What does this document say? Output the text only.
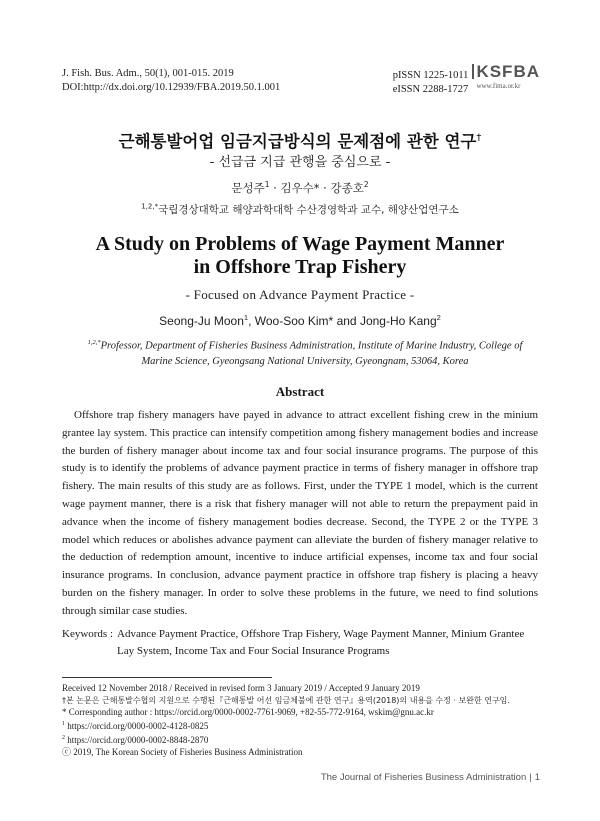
J. Fish. Bus. Adm., 50(1), 001-015. 2019
DOI:http://dx.doi.org/10.12939/FBA.2019.50.1.001
pISSN 1225-1011
eISSN 2288-1727
KSFBA
www.fima.or.kr
근해통발어업 임금지급방식의 문제점에 관한 연구†
- 선급금 지급 관행을 중심으로 -
문성주$^1$ · 김우수* · 강종호$^2$
$^{1,2,*}$국립경상대학교 해양과학대학 수산경영학과 교수, 해양산업연구소
A Study on Problems of Wage Payment Manner
in Offshore Trap Fishery
- Focused on Advance Payment Practice -
Seong-Ju Moon$^1$, Woo-Soo Kim* and Jong-Ho Kang$^2$
$^{1,2,*}$Professor, Department of Fisheries Business Administration, Institute of Marine Industry, College of Marine Science, Gyeongsang National University, Gyeongnam, 53064, Korea
Abstract
Offshore trap fishery managers have payed in advance to attract excellent fishing crew in the minium grantee lay system. This practice can intensify competition among fishery management bodies and increase the burden of fishery manager about income tax and four social insurance programs. The purpose of this study is to identify the problems of advance payment practice in terms of fishery manager in offshore trap fishery. The main results of this study are as follows. First, under the TYPE 1 model, which is the current wage payment manner, there is a risk that fishery manager will not able to return the prepayment paid in advance when the income of fishery management bodies decrease. Second, the TYPE 2 or the TYPE 3 model which reduces or abolishes advance payment can alleviate the burden of fishery manager relative to the deduction of redemption amount, incentive to induce artificial expenses, income tax and four social insurance programs. In conclusion, advance payment practice in offshore trap fishery is placing a heavy burden on the fishery manager. In order to solve these problems in the future, we need to find solutions through similar case studies.
Keywords : Advance Payment Practice, Offshore Trap Fishery, Wage Payment Manner, Minium Grantee Lay System, Income Tax and Four Social Insurance Programs
Received 12 November 2018 / Received in revised form 3 January 2019 / Accepted 9 January 2019
†본 논문은 근해통발수협의 지원으로 수행된『근해통발 어선 임금체불에 관한 연구』용역(2018)의 내용을 수정 · 보완한 연구임.
* Corresponding author : https://orcid.org/0000-0002-7761-9069, +82-55-772-9164, wskim@gnu.ac.kr
$^1$ https://orcid.org/0000-0002-4128-0825
$^2$ https://orcid.org/0000-0002-8848-2870
ⓒ 2019, The Korean Society of Fisheries Business Administration
The Journal of Fisheries Business Administration | 1
